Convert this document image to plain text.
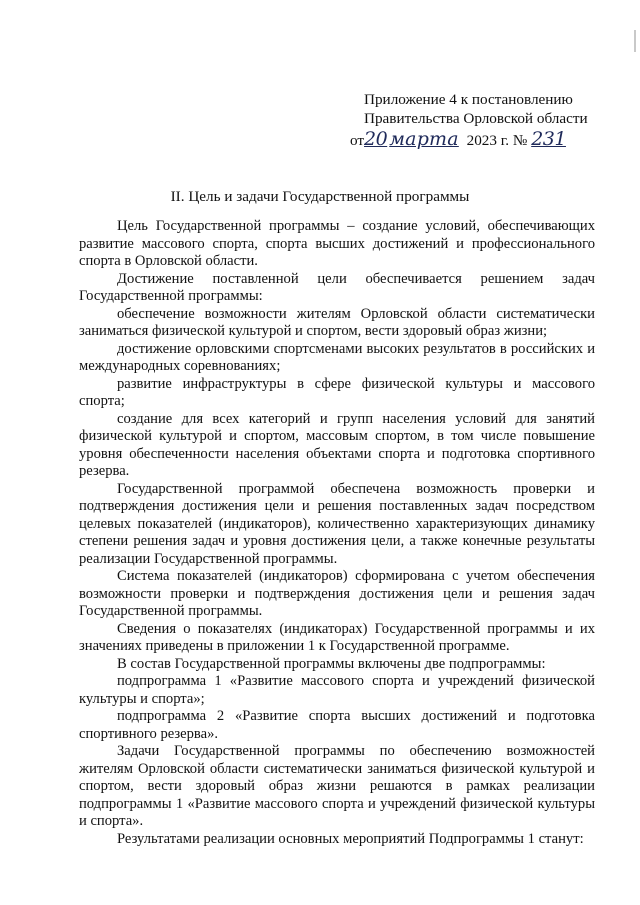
Приложение 4 к постановлению
Правительства Орловской области
от20 марта 2023 г. № 231
II. Цель и задачи Государственной программы

Цель Государственной программы – создание условий, обеспечивающих развитие массового спорта, спорта высших достижений и профессионального спорта в Орловской области.

Достижение поставленной цели обеспечивается решением задач Государственной программы:

обеспечение возможности жителям Орловской области систематически заниматься физической культурой и спортом, вести здоровый образ жизни;

достижение орловскими спортсменами высоких результатов в российских и международных соревнованиях;

развитие инфраструктуры в сфере физической культуры и массового спорта;

создание для всех категорий и групп населения условий для занятий физической культурой и спортом, массовым спортом, в том числе повышение уровня обеспеченности населения объектами спорта и подготовка спортивного резерва.

Государственной программой обеспечена возможность проверки и подтверждения достижения цели и решения поставленных задач посредством целевых показателей (индикаторов), количественно характеризующих динамику степени решения задач и уровня достижения цели, а также конечные результаты реализации Государственной программы.

Система показателей (индикаторов) сформирована с учетом обеспечения возможности проверки и подтверждения достижения цели и решения задач Государственной программы.

Сведения о показателях (индикаторах) Государственной программы и их значениях приведены в приложении 1 к Государственной программе.

В состав Государственной программы включены две подпрограммы:

подпрограмма 1 «Развитие массового спорта и учреждений физической культуры и спорта»;

подпрограмма 2 «Развитие спорта высших достижений и подготовка спортивного резерва».

Задачи Государственной программы по обеспечению возможностей жителям Орловской области систематически заниматься физической культурой и спортом, вести здоровый образ жизни решаются в рамках реализации подпрограммы 1 «Развитие массового спорта и учреждений физической культуры и спорта».

Результатами реализации основных мероприятий Подпрограммы 1 станут:
